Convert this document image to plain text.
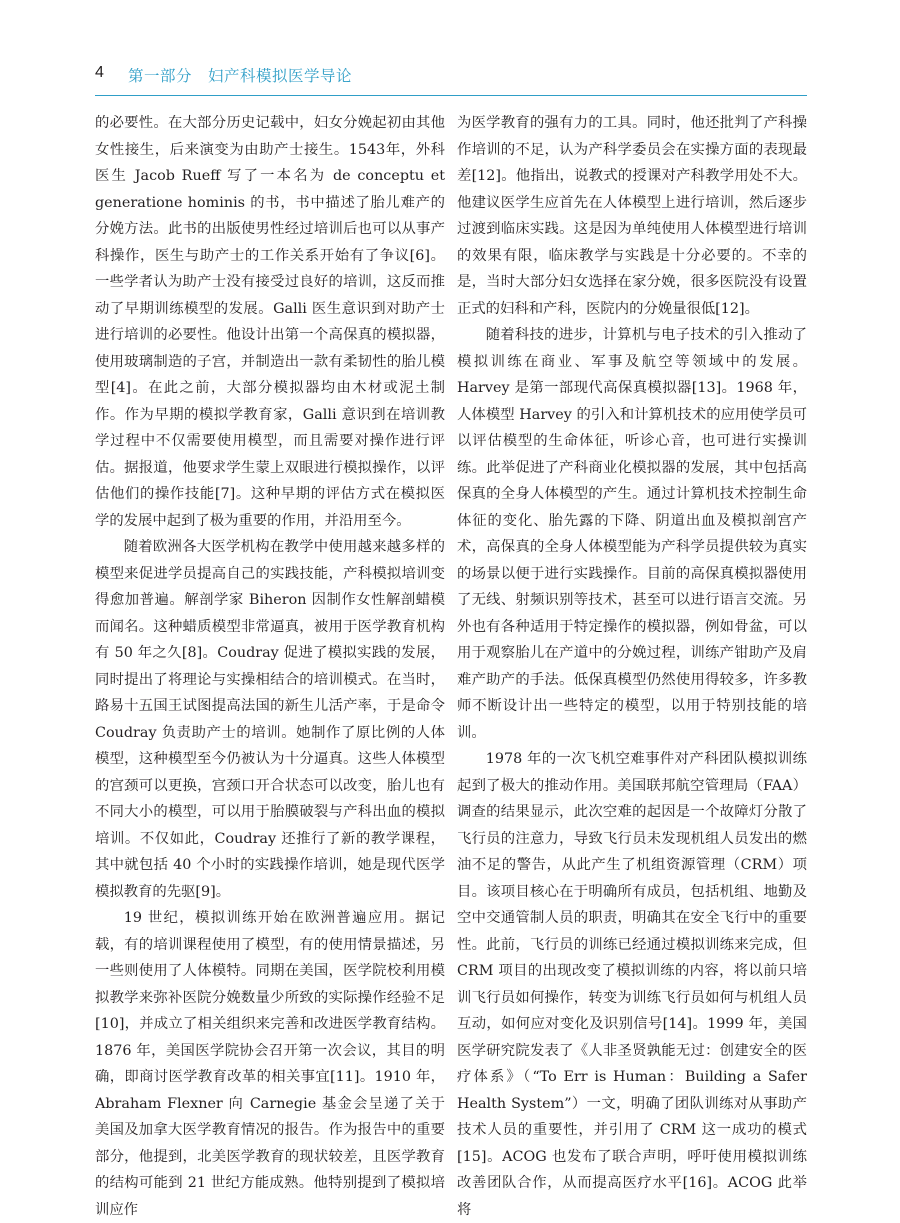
4 第一部分　妇产科模拟医学导论

的必要性。在大部分历史记载中，妇女分娩起初由其他女性接生，后来演变为由助产士接生。1543年，外科医生 Jacob Rueff 写了一本名为 de conceptu et generatione hominis 的书，书中描述了胎儿难产的分娩方法。此书的出版使男性经过培训后也可以从事产科操作，医生与助产士的工作关系开始有了争议[6]。一些学者认为助产士没有接受过良好的培训，这反而推动了早期训练模型的发展。Galli 医生意识到对助产士进行培训的必要性。他设计出第一个高保真的模拟器，使用玻璃制造的子宫，并制造出一款有柔韧性的胎儿模型[4]。在此之前，大部分模拟器均由木材或泥土制作。作为早期的模拟学教育家，Galli 意识到在培训教学过程中不仅需要使用模型，而且需要对操作进行评估。据报道，他要求学生蒙上双眼进行模拟操作，以评估他们的操作技能[7]。这种早期的评估方式在模拟医学的发展中起到了极为重要的作用，并沿用至今。

随着欧洲各大医学机构在教学中使用越来越多样的模型来促进学员提高自己的实践技能，产科模拟培训变得愈加普遍。解剖学家 Biheron 因制作女性解剖蜡模而闻名。这种蜡质模型非常逼真，被用于医学教育机构有 50 年之久[8]。Coudray 促进了模拟实践的发展，同时提出了将理论与实操相结合的培训模式。在当时，路易十五国王试图提高法国的新生儿活产率，于是命令 Coudray 负责助产士的培训。她制作了原比例的人体模型，这种模型至今仍被认为十分逼真。这些人体模型的宫颈可以更换，宫颈口开合状态可以改变，胎儿也有不同大小的模型，可以用于胎膜破裂与产科出血的模拟培训。不仅如此，Coudray 还推行了新的教学课程，其中就包括 40 个小时的实践操作培训，她是现代医学模拟教育的先驱[9]。

19 世纪，模拟训练开始在欧洲普遍应用。据记载，有的培训课程使用了模型，有的使用情景描述，另一些则使用了人体模特。同期在美国，医学院校利用模拟教学来弥补医院分娩数量少所致的实际操作经验不足[10]，并成立了相关组织来完善和改进医学教育结构。1876 年，美国医学院协会召开第一次会议，其目的明确，即商讨医学教育改革的相关事宜[11]。1910 年，Abraham Flexner 向 Carnegie 基金会呈递了关于美国及加拿大医学教育情况的报告。作为报告中的重要部分，他提到，北美医学教育的现状较差，且医学教育的结构可能到 21 世纪方能成熟。他特别提到了模拟培训应作

为医学教育的强有力的工具。同时，他还批判了产科操作培训的不足，认为产科学委员会在实操方面的表现最差[12]。他指出，说教式的授课对产科教学用处不大。他建议医学生应首先在人体模型上进行培训，然后逐步过渡到临床实践。这是因为单纯使用人体模型进行培训的效果有限，临床教学与实践是十分必要的。不幸的是，当时大部分妇女选择在家分娩，很多医院没有设置正式的妇科和产科，医院内的分娩量很低[12]。

随着科技的进步，计算机与电子技术的引入推动了模拟训练在商业、军事及航空等领域中的发展。Harvey 是第一部现代高保真模拟器[13]。1968 年，人体模型 Harvey 的引入和计算机技术的应用使学员可以评估模型的生命体征，听诊心音，也可进行实操训练。此举促进了产科商业化模拟器的发展，其中包括高保真的全身人体模型的产生。通过计算机技术控制生命体征的变化、胎先露的下降、阴道出血及模拟剖宫产术，高保真的全身人体模型能为产科学员提供较为真实的场景以便于进行实践操作。目前的高保真模拟器使用了无线、射频识别等技术，甚至可以进行语言交流。另外也有各种适用于特定操作的模拟器，例如骨盆，可以用于观察胎儿在产道中的分娩过程，训练产钳助产及肩难产助产的手法。低保真模型仍然使用得较多，许多教师不断设计出一些特定的模型，以用于特别技能的培训。

1978 年的一次飞机空难事件对产科团队模拟训练起到了极大的推动作用。美国联邦航空管理局（FAA）调查的结果显示，此次空难的起因是一个故障灯分散了飞行员的注意力，导致飞行员未发现机组人员发出的燃油不足的警告，从此产生了机组资源管理（CRM）项目。该项目核心在于明确所有成员，包括机组、地勤及空中交通管制人员的职责，明确其在安全飞行中的重要性。此前，飞行员的训练已经通过模拟训练来完成，但 CRM 项目的出现改变了模拟训练的内容，将以前只培训飞行员如何操作，转变为训练飞行员如何与机组人员互动，如何应对变化及识别信号[14]。1999 年，美国医学研究院发表了《人非圣贤孰能无过：创建安全的医疗体系》（“To Err is Human：Building a Safer Health System”）一文，明确了团队训练对从事助产技术人员的重要性，并引用了 CRM 这一成功的模式[15]。ACOG 也发布了联合声明，呼吁使用模拟训练改善团队合作，从而提高医疗水平[16]。ACOG 此举将
